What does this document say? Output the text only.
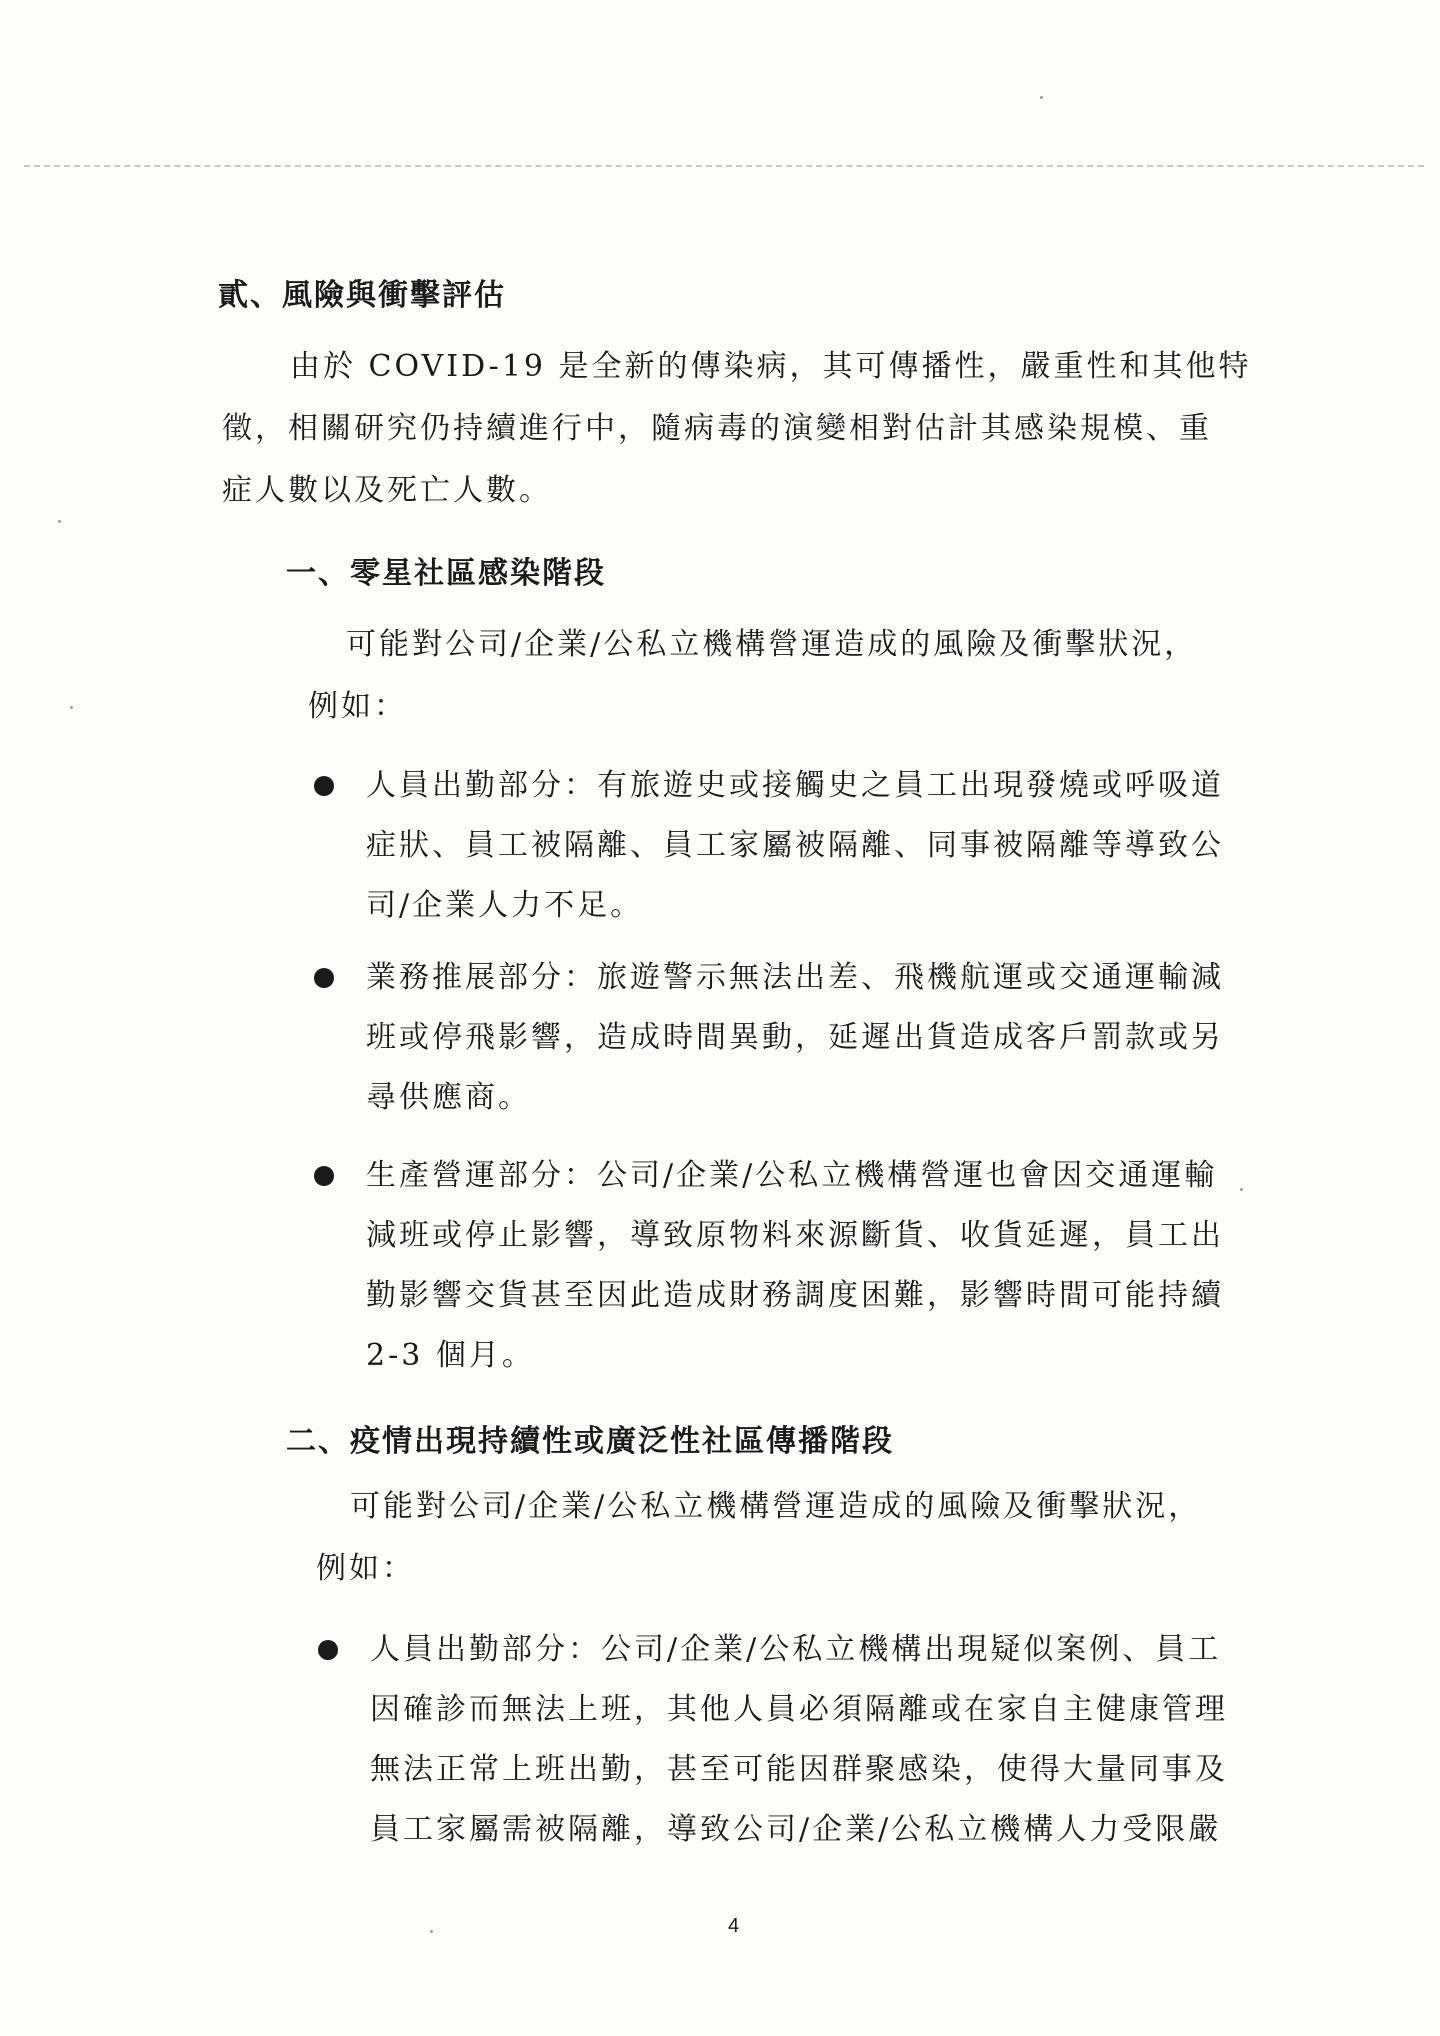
貳、風險與衝擊評估
由於 COVID-19 是全新的傳染病，其可傳播性，嚴重性和其他特
徵，相關研究仍持續進行中，隨病毒的演變相對估計其感染規模、重
症人數以及死亡人數。
一、零星社區感染階段
可能對公司/企業/公私立機構營運造成的風險及衝擊狀況，
例如：
人員出勤部分：有旅遊史或接觸史之員工出現發燒或呼吸道
症狀、員工被隔離、員工家屬被隔離、同事被隔離等導致公
司/企業人力不足。
業務推展部分：旅遊警示無法出差、飛機航運或交通運輸減
班或停飛影響，造成時間異動，延遲出貨造成客戶罰款或另
尋供應商。
生產營運部分：公司/企業/公私立機構營運也會因交通運輸
減班或停止影響，導致原物料來源斷貨、收貨延遲，員工出
勤影響交貨甚至因此造成財務調度困難，影響時間可能持續
2-3 個月。
二、疫情出現持續性或廣泛性社區傳播階段
可能對公司/企業/公私立機構營運造成的風險及衝擊狀況，
例如：
人員出勤部分：公司/企業/公私立機構出現疑似案例、員工
因確診而無法上班，其他人員必須隔離或在家自主健康管理
無法正常上班出勤，甚至可能因群聚感染，使得大量同事及
員工家屬需被隔離，導致公司/企業/公私立機構人力受限嚴
4
